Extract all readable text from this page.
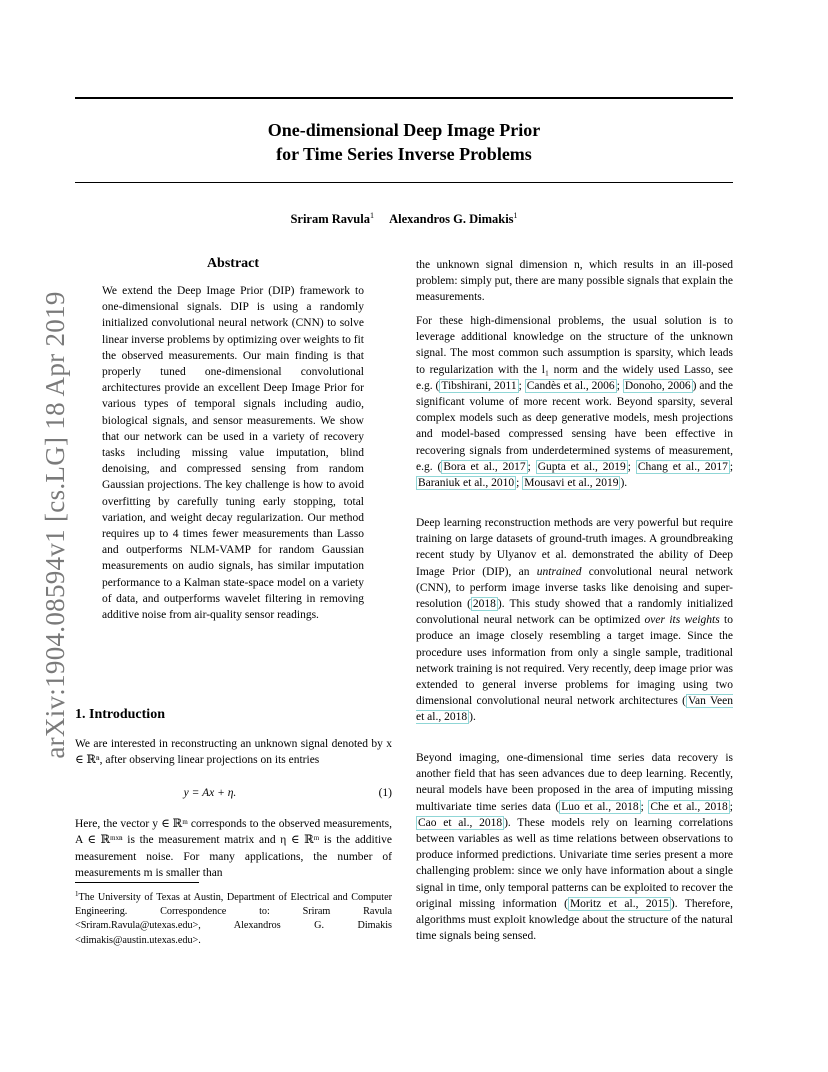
arXiv:1904.08594v1 [cs.LG] 18 Apr 2019
One-dimensional Deep Image Prior
for Time Series Inverse Problems
Sriram Ravula$^1$ Alexandros G. Dimakis$^1$
Abstract
We extend the Deep Image Prior (DIP) framework to one-dimensional signals. DIP is using a randomly initialized convolutional neural network (CNN) to solve linear inverse problems by optimizing over weights to fit the observed measurements. Our main finding is that properly tuned one-dimensional convolutional architectures provide an excellent Deep Image Prior for various types of temporal signals including audio, biological signals, and sensor measurements. We show that our network can be used in a variety of recovery tasks including missing value imputation, blind denoising, and compressed sensing from random Gaussian projections. The key challenge is how to avoid overfitting by carefully tuning early stopping, total variation, and weight decay regularization. Our method requires up to 4 times fewer measurements than Lasso and outperforms NLM-VAMP for random Gaussian measurements on audio signals, has similar imputation performance to a Kalman state-space model on a variety of data, and outperforms wavelet filtering in removing additive noise from air-quality sensor readings.
1. Introduction
We are interested in reconstructing an unknown signal denoted by x ∈ ℝⁿ, after observing linear projections on its entries
y = Ax + η.	(1)
Here, the vector y ∈ ℝᵐ corresponds to the observed measurements, A ∈ ℝᵐˣⁿ is the measurement matrix and η ∈ ℝᵐ is the additive measurement noise. For many applications, the number of measurements m is smaller than
$^1$The University of Texas at Austin, Department of Electrical and Computer Engineering. Correspondence to: Sriram Ravula <Sriram.Ravula@utexas.edu>, Alexandros G. Dimakis <dimakis@austin.utexas.edu>.
the unknown signal dimension n, which results in an ill-posed problem: simply put, there are many possible signals that explain the measurements.
For these high-dimensional problems, the usual solution is to leverage additional knowledge on the structure of the unknown signal. The most common such assumption is sparsity, which leads to regularization with the l₁ norm and the widely used Lasso, see e.g. ( Tibshirani, 2011 ; Candès et al., 2006 ; Donoho, 2006 ) and the significant volume of more recent work. Beyond sparsity, several complex models such as deep generative models, mesh projections and model-based compressed sensing have been effective in recovering signals from underdetermined systems of measurement, e.g. ( Bora et al., 2017 ; Gupta et al., 2019 ; Chang et al., 2017 ; Baraniuk et al., 2010 ; Mousavi et al., 2019 ).
Deep learning reconstruction methods are very powerful but require training on large datasets of ground-truth images. A groundbreaking recent study by Ulyanov et al. demonstrated the ability of Deep Image Prior (DIP), an untrained convolutional neural network (CNN), to perform image inverse tasks like denoising and super-resolution ( 2018 ). This study showed that a randomly initialized convolutional neural network can be optimized over its weights to produce an image closely resembling a target image. Since the procedure uses information from only a single sample, traditional network training is not required. Very recently, deep image prior was extended to general inverse problems for imaging using two dimensional convolutional neural network architectures ( Van Veen et al., 2018 ).
Beyond imaging, one-dimensional time series data recovery is another field that has seen advances due to deep learning. Recently, neural models have been proposed in the area of imputing missing multivariate time series data ( Luo et al., 2018 ; Che et al., 2018 ; Cao et al., 2018 ). These models rely on learning correlations between variables as well as time relations between observations to produce informed predictions. Univariate time series present a more challenging problem: since we only have information about a single signal in time, only temporal patterns can be exploited to recover the original missing information ( Moritz et al., 2015 ). Therefore, algorithms must exploit knowledge about the structure of the natural time signals being sensed.
